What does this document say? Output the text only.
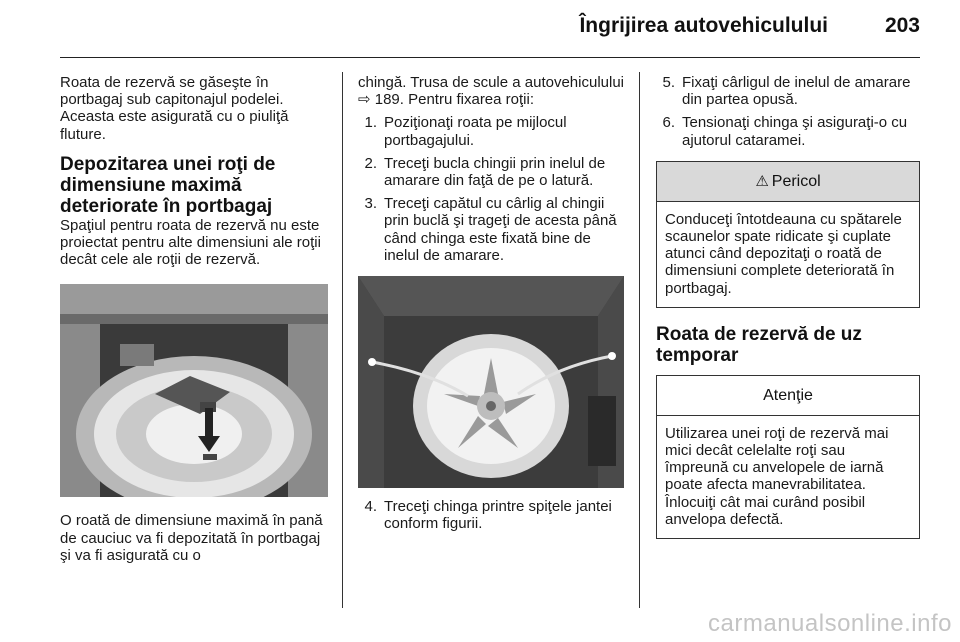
Îngrijirea autovehiculului	203

Roata de rezervă se găseşte în portbagaj sub capitonajul podelei. Aceasta este asigurată cu o piuliţă fluture.

Depozitarea unei roţi de dimensiune maximă deteriorate în portbagaj

Spaţiul pentru roata de rezervă nu este proiectat pentru alte dimensiuni ale roţii decât cele ale roţii de rezervă.

O roată de dimensiune maximă în pană de cauciuc va fi depozitată în portbagaj şi va fi asigurată cu o

chingă. Trusa de scule a autovehiculului ⇨ 189. Pentru fixarea roţii:

1. Poziţionaţi roata pe mijlocul portbagajului.
2. Treceţi bucla chingii prin inelul de amarare din faţă de pe o latură.
3. Treceţi capătul cu cârlig al chingii prin buclă şi trageţi de acesta până când chinga este fixată bine de inelul de amarare.
4. Treceţi chinga printre spiţele jantei conform figurii.
5. Fixaţi cârligul de inelul de amarare din partea opusă.
6. Tensionaţi chinga şi asiguraţi-o cu ajutorul cataramei.
⚠ Pericol
Conduceţi întotdeauna cu spătarele scaunelor spate ridicate şi cuplate atunci când depozitaţi o roată de dimensiuni complete deteriorată în portbagaj.
Roata de rezervă de uz temporar
Atenţie
Utilizarea unei roţi de rezervă mai mici decât celelalte roţi sau împreună cu anvelopele de iarnă poate afecta manevrabilitatea. Înlocuiţi cât mai curând posibil anvelopa defectă.
carmanualsonline.info
